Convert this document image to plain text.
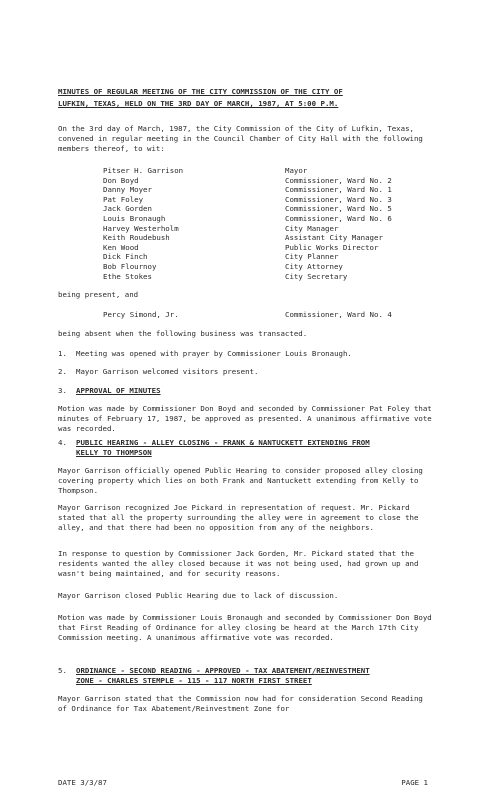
MINUTES OF REGULAR MEETING OF THE CITY COMMISSION OF THE CITY OF
LUFKIN, TEXAS, HELD ON THE 3RD DAY OF MARCH, 1987, AT 5:00 P.M.

On the 3rd day of March, 1987, the City Commission of the City of Lufkin, Texas, convened in regular meeting in the Council Chamber of City Hall with the following members thereof, to wit:

Pitser H. Garrison	Mayor
Don Boyd	Commissioner, Ward No. 2
Danny Moyer	Commissioner, Ward No. 1
Pat Foley	Commissioner, Ward No. 3
Jack Gorden	Commissioner, Ward No. 5
Louis Bronaugh	Commissioner, Ward No. 6
Harvey Westerholm	City Manager
Keith Roudebush	Assistant City Manager
Ken Wood	Public Works Director
Dick Finch	City Planner
Bob Flournoy	City Attorney
Ethe Stokes	City Secretary

being present, and

Percy Simond, Jr.	Commissioner, Ward No. 4

being absent when the following business was transacted.

1. Meeting was opened with prayer by Commissioner Louis Bronaugh.
2. Mayor Garrison welcomed visitors present.
3. APPROVAL OF MINUTES

Motion was made by Commissioner Don Boyd and seconded by Commissioner Pat Foley that minutes of February 17, 1987, be approved as presented. A unanimous affirmative vote was recorded.

4. PUBLIC HEARING - ALLEY CLOSING - FRANK & NANTUCKETT EXTENDING FROM
KELLY TO THOMPSON

Mayor Garrison officially opened Public Hearing to consider proposed alley closing covering property which lies on both Frank and Nantuckett extending from Kelly to Thompson.

Mayor Garrison recognized Joe Pickard in representation of request. Mr. Pickard stated that all the property surrounding the alley were in agreement to close the alley, and that there had been no opposition from any of the neighbors.

In response to question by Commissioner Jack Gorden, Mr. Pickard stated that the residents wanted the alley closed because it was not being used, had grown up and wasn't being maintained, and for security reasons.

Mayor Garrison closed Public Hearing due to lack of discussion.

Motion was made by Commissioner Louis Bronaugh and seconded by Commissioner Don Boyd that First Reading of Ordinance for alley closing be heard at the March 17th City Commission meeting. A unanimous affirmative vote was recorded.

5. ORDINANCE - SECOND READING - APPROVED - TAX ABATEMENT/REINVESTMENT
ZONE - CHARLES STEMPLE - 115 - 117 NORTH FIRST STREET

Mayor Garrison stated that the Commission now had for consideration Second Reading of Ordinance for Tax Abatement/Reinvestment Zone for

DATE 3/3/87	PAGE 1
